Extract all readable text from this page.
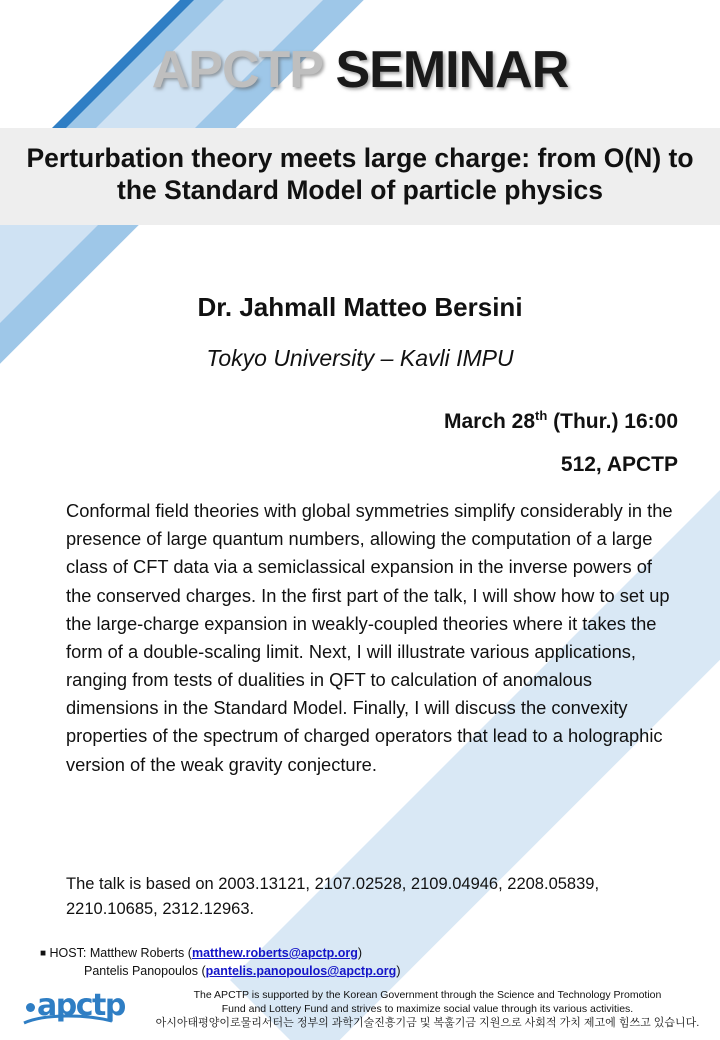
APCTP SEMINAR
Perturbation theory meets large charge: from O(N) to the Standard Model of particle physics
Dr. Jahmall Matteo Bersini
Tokyo University – Kavli IMPU
March 28th (Thur.) 16:00
512, APCTP
Conformal field theories with global symmetries simplify considerably in the presence of large quantum numbers, allowing the computation of a large class of CFT data via a semiclassical expansion in the inverse powers of the conserved charges. In the first part of the talk, I will show how to set up the large-charge expansion in weakly-coupled theories where it takes the form of a double-scaling limit. Next, I will illustrate various applications, ranging from tests of dualities in QFT to calculation of anomalous dimensions in the Standard Model. Finally, I will discuss the convexity properties of the spectrum of charged operators that lead to a holographic version of the weak gravity conjecture.
The talk is based on 2003.13121, 2107.02528, 2109.04946, 2208.05839, 2210.10685, 2312.12963.
■ HOST: Matthew Roberts (matthew.roberts@apctp.org)
Pantelis Panopoulos (pantelis.panopoulos@apctp.org)
The APCTP is supported by the Korean Government through the Science and Technology Promotion
Fund and Lottery Fund and strives to maximize social value through its various activities.
아시아태평양이로물리서터는 정부의 과학기술진흥기금 및 복훌기금 지원으로 사회적 가치 제고에 힘쓰고 있습니다.
apctp
